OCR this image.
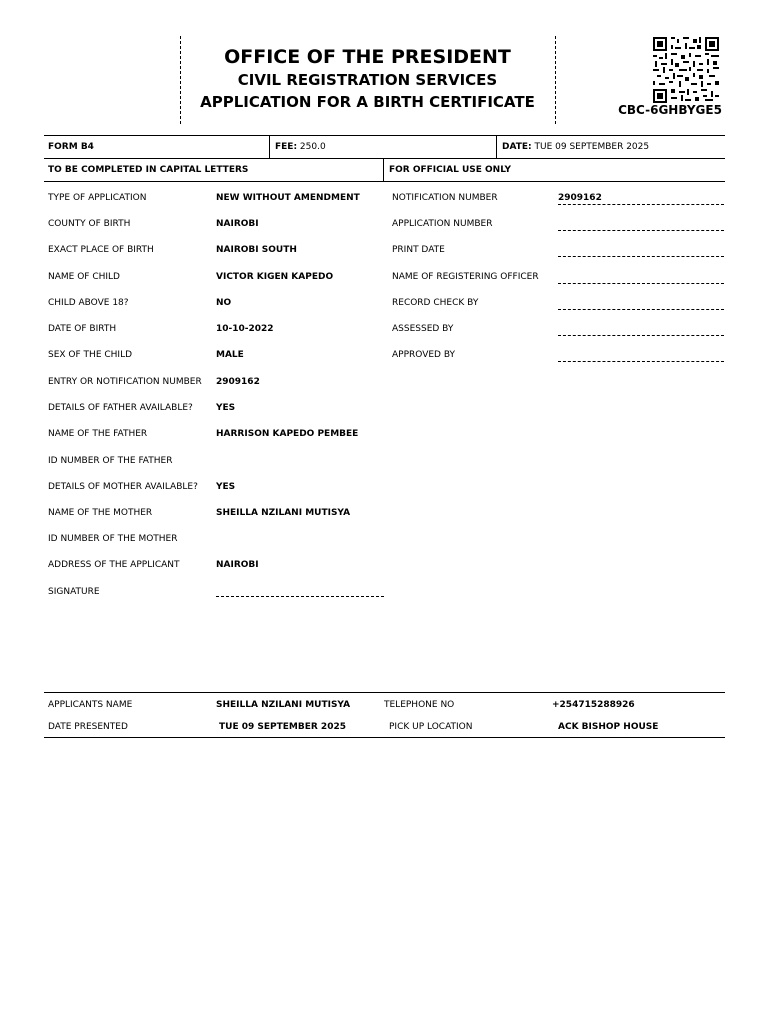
OFFICE OF THE PRESIDENT
CIVIL REGISTRATION SERVICES
APPLICATION FOR A BIRTH CERTIFICATE	CBC-6GHBYGE5
FORM B4	FEE: 250.0	DATE: TUE 09 SEPTEMBER 2025
TO BE COMPLETED IN CAPITAL LETTERS	FOR OFFICIAL USE ONLY
TYPE OF APPLICATION	NEW WITHOUT AMENDMENT
COUNTY OF BIRTH	NAIROBI
EXACT PLACE OF BIRTH	NAIROBI SOUTH
NAME OF CHILD	VICTOR KIGEN KAPEDO
CHILD ABOVE 18?	NO
DATE OF BIRTH	10-10-2022
SEX OF THE CHILD	MALE
ENTRY OR NOTIFICATION NUMBER 2909162
DETAILS OF FATHER AVAILABLE?	YES
NAME OF THE FATHER	HARRISON KAPEDO PEMBEE
ID NUMBER OF THE FATHER
DETAILS OF MOTHER AVAILABLE? YES
NAME OF THE MOTHER	SHEILLA NZILANI MUTISYA
ID NUMBER OF THE MOTHER
ADDRESS OF THE APPLICANT	NAIROBI
SIGNATURE
NOTIFICATION NUMBER	2909162
APPLICATION NUMBER
PRINT DATE
NAME OF REGISTERING OFFICER
RECORD CHECK BY
ASSESSED BY
APPROVED BY
APPLICANTS NAME	SHEILLA NZILANI MUTISYA	TELEPHONE NO	+254715288926
DATE PRESENTED	TUE 09 SEPTEMBER 2025	PICK UP LOCATION	ACK BISHOP HOUSE
